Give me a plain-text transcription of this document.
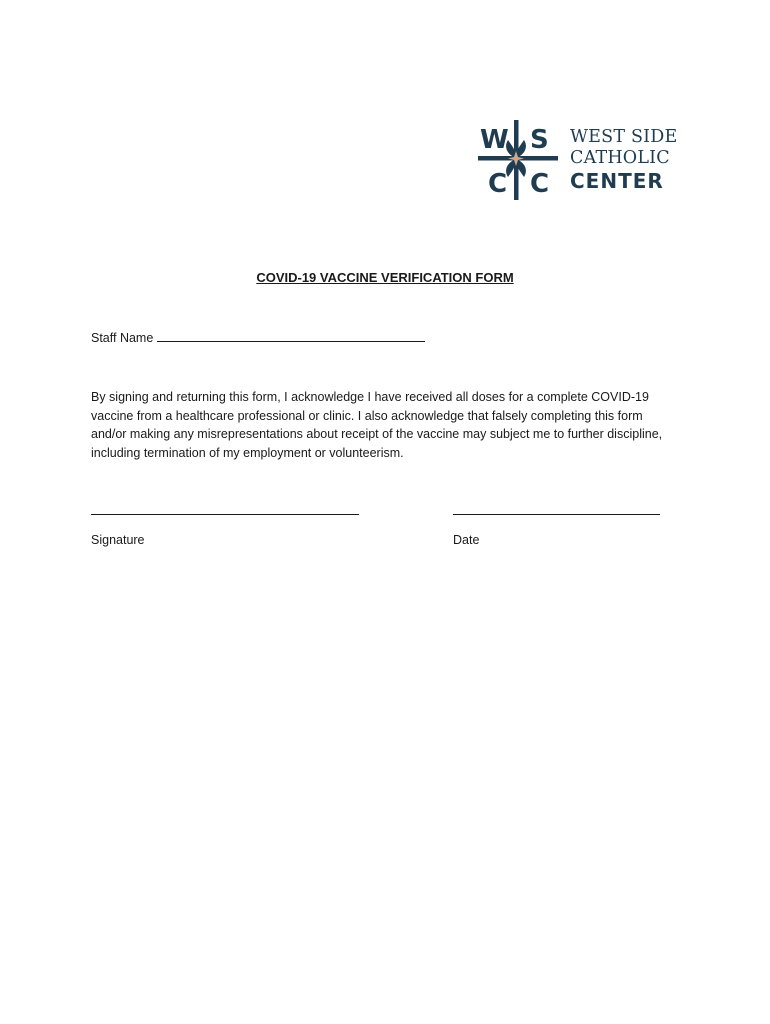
W S
C C
WEST SIDE
CATHOLIC
CENTER
COVID-19 VACCINE VERIFICATION FORM
Staff Name
By signing and returning this form, I acknowledge I have received all doses for a complete COVID-19
vaccine from a healthcare professional or clinic. I also acknowledge that falsely completing this form
and/or making any misrepresentations about receipt of the vaccine may subject me to further discipline,
including termination of my employment or volunteerism.
Signature	Date
